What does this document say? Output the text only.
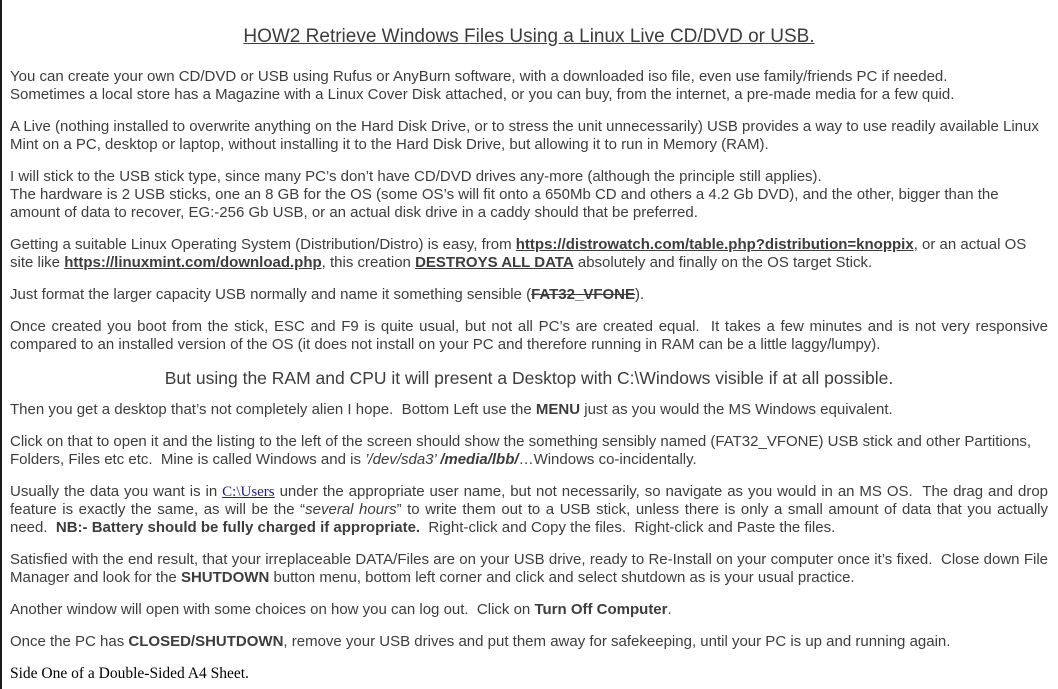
HOW2 Retrieve Windows Files Using a Linux Live CD/DVD or USB.

You can create your own CD/DVD or USB using Rufus or AnyBurn software, with a downloaded iso file, even use family/friends PC if needed.
Sometimes a local store has a Magazine with a Linux Cover Disk attached, or you can buy, from the internet, a pre-made media for a few quid.

A Live (nothing installed to overwrite anything on the Hard Disk Drive, or to stress the unit unnecessarily) USB provides a way to use readily available Linux Mint on a PC, desktop or laptop, without installing it to the Hard Disk Drive, but allowing it to run in Memory (RAM).

I will stick to the USB stick type, since many PC’s don’t have CD/DVD drives any-more (although the principle still applies).
The hardware is 2 USB sticks, one an 8 GB for the OS (some OS’s will fit onto a 650Mb CD and others a 4.2 Gb DVD), and the other, bigger than the amount of data to recover, EG:-256 Gb USB, or an actual disk drive in a caddy should that be preferred.

Getting a suitable Linux Operating System (Distribution/Distro) is easy, from https://distrowatch.com/table.php?distribution=knoppix, or an actual OS site like https://linuxmint.com/download.php, this creation DESTROYS ALL DATA absolutely and finally on the OS target Stick.

Just format the larger capacity USB normally and name it something sensible (FAT32_VFONE).

Once created you boot from the stick, ESC and F9 is quite usual, but not all PC’s are created equal.  It takes a few minutes and is not very responsive compared to an installed version of the OS (it does not install on your PC and therefore running in RAM can be a little laggy/lumpy).

But using the RAM and CPU it will present a Desktop with C:\Windows visible if at all possible.

Then you get a desktop that’s not completely alien I hope.  Bottom Left use the MENU just as you would the MS Windows equivalent.

Click on that to open it and the listing to the left of the screen should show the something sensibly named (FAT32_VFONE) USB stick and other Partitions, Folders, Files etc etc.  Mine is called Windows and is ’/dev/sda3’ /media/lbb/…Windows co-incidentally.

Usually the data you want is in C:\Users under the appropriate user name, but not necessarily, so navigate as you would in an MS OS.  The drag and drop feature is exactly the same, as will be the “several hours” to write them out to a USB stick, unless there is only a small amount of data that you actually need.  NB:- Battery should be fully charged if appropriate.  Right-click and Copy the files.  Right-click and Paste the files.

Satisfied with the end result, that your irreplaceable DATA/Files are on your USB drive, ready to Re-Install on your computer once it’s fixed.  Close down File Manager and look for the SHUTDOWN button menu, bottom left corner and click and select shutdown as is your usual practice.

Another window will open with some choices on how you can log out.  Click on Turn Off Computer.

Once the PC has CLOSED/SHUTDOWN, remove your USB drives and put them away for safekeeping, until your PC is up and running again.

Side One of a Double-Sided A4 Sheet.
